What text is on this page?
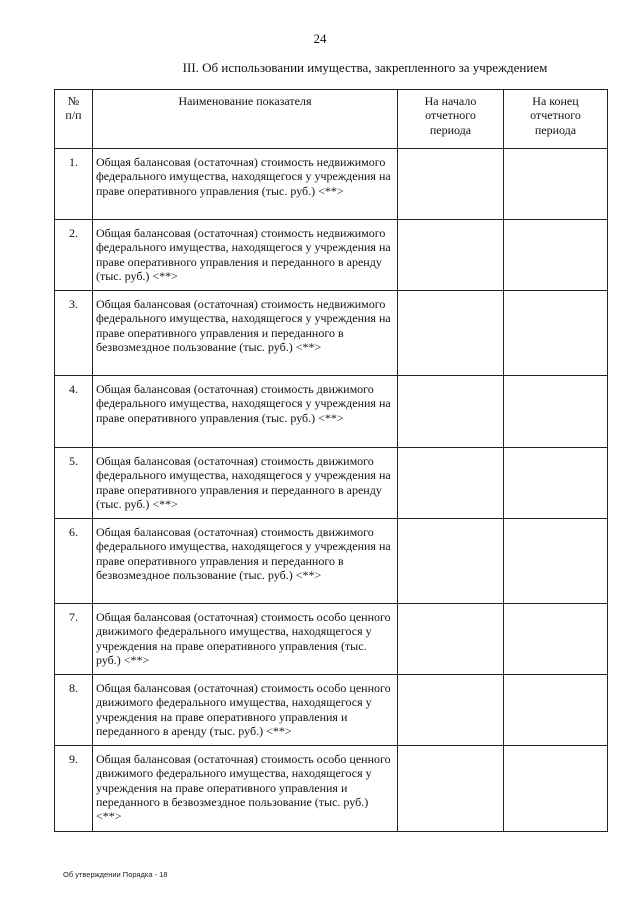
24
III. Об использовании имущества, закрепленного за учреждением
№ п/п	Наименование показателя	На начало отчетного периода	На конец отчетного периода
1.	Общая балансовая (остаточная) стоимость недвижимого федерального имущества, находящегося у учреждения на праве оперативного управления (тыс. руб.) <**>		
2.	Общая балансовая (остаточная) стоимость недвижимого федерального имущества, находящегося у учреждения на праве оперативного управления и переданного в аренду (тыс. руб.) <**>		
3.	Общая балансовая (остаточная) стоимость недвижимого федерального имущества, находящегося у учреждения на праве оперативного управления и переданного в безвозмездное пользование (тыс. руб.) <**>		
4.	Общая балансовая (остаточная) стоимость движимого федерального имущества, находящегося у учреждения на праве оперативного управления (тыс. руб.) <**>		
5.	Общая балансовая (остаточная) стоимость движимого федерального имущества, находящегося у учреждения на праве оперативного управления и переданного в аренду (тыс. руб.) <**>		
6.	Общая балансовая (остаточная) стоимость движимого федерального имущества, находящегося у учреждения на праве оперативного управления и переданного в безвозмездное пользование (тыс. руб.) <**>		
7.	Общая балансовая (остаточная) стоимость особо ценного движимого федерального имущества, находящегося у учреждения на праве оперативного управления (тыс. руб.) <**>		
8.	Общая балансовая (остаточная) стоимость особо ценного движимого федерального имущества, находящегося у учреждения на праве оперативного управления и переданного в аренду (тыс. руб.) <**>		
9.	Общая балансовая (остаточная) стоимость особо ценного движимого федерального имущества, находящегося у учреждения на праве оперативного управления и переданного в безвозмездное пользование (тыс. руб.) <**>		
Об утверждении Порядка - 18
